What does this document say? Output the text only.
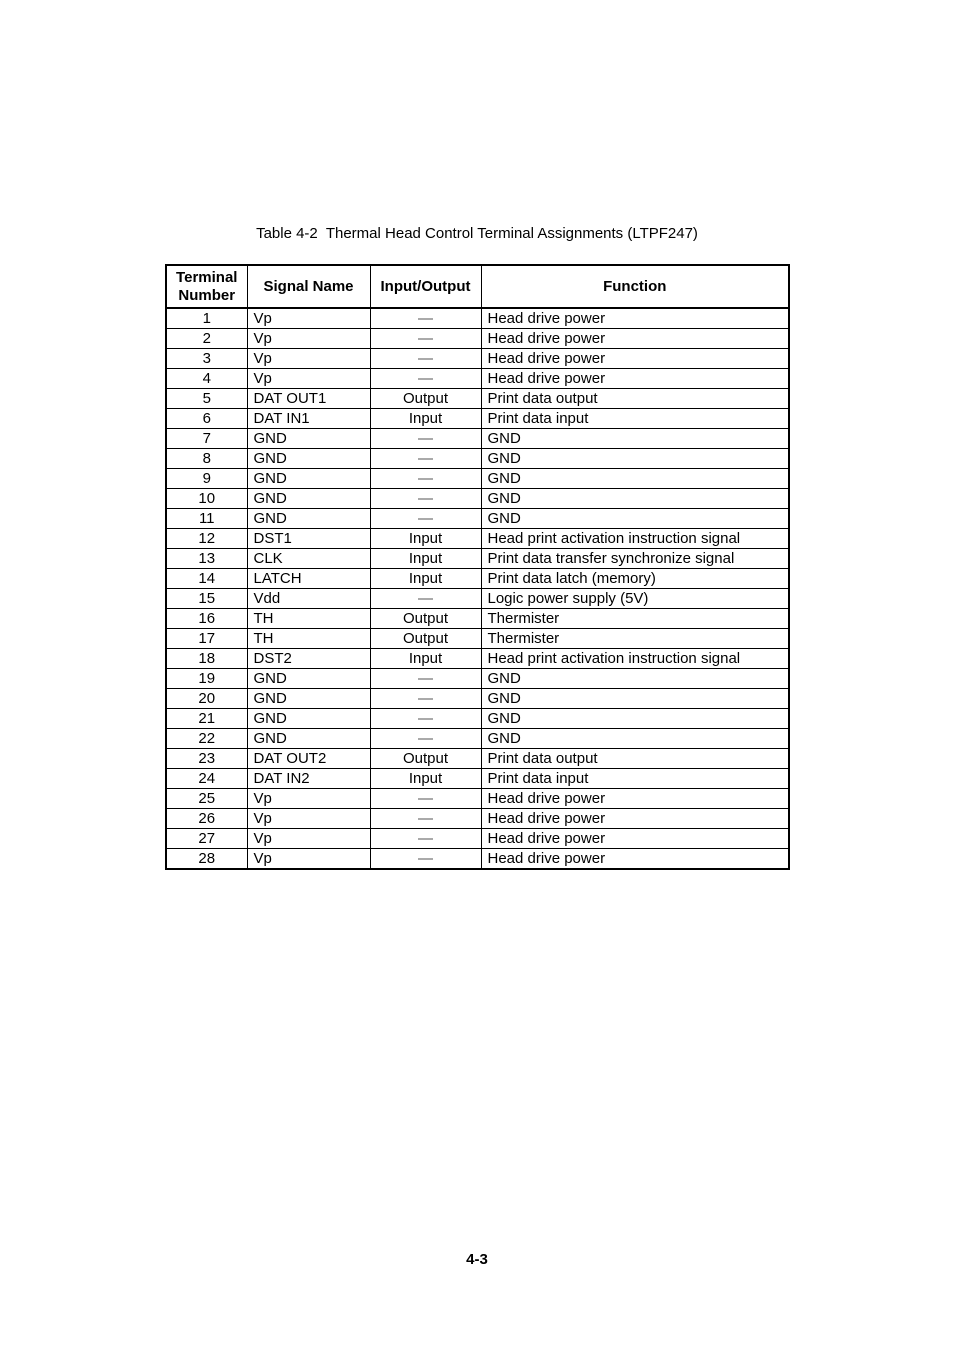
Table 4-2  Thermal Head Control Terminal Assignments (LTPF247)
Terminal
Number	Signal Name	Input/Output	Function
1	Vp	—	Head drive power
2	Vp	—	Head drive power
3	Vp	—	Head drive power
4	Vp	—	Head drive power
5	DAT OUT1	Output	Print data output
6	DAT IN1	Input	Print data input
7	GND	—	GND
8	GND	—	GND
9	GND	—	GND
10	GND	—	GND
11	GND	—	GND
12	DST1	Input	Head print activation instruction signal
13	CLK	Input	Print data transfer synchronize signal
14	LATCH	Input	Print data latch (memory)
15	Vdd	—	Logic power supply (5V)
16	TH	Output	Thermister
17	TH	Output	Thermister
18	DST2	Input	Head print activation instruction signal
19	GND	—	GND
20	GND	—	GND
21	GND	—	GND
22	GND	—	GND
23	DAT OUT2	Output	Print data output
24	DAT IN2	Input	Print data input
25	Vp	—	Head drive power
26	Vp	—	Head drive power
27	Vp	—	Head drive power
28	Vp	—	Head drive power
4-3
